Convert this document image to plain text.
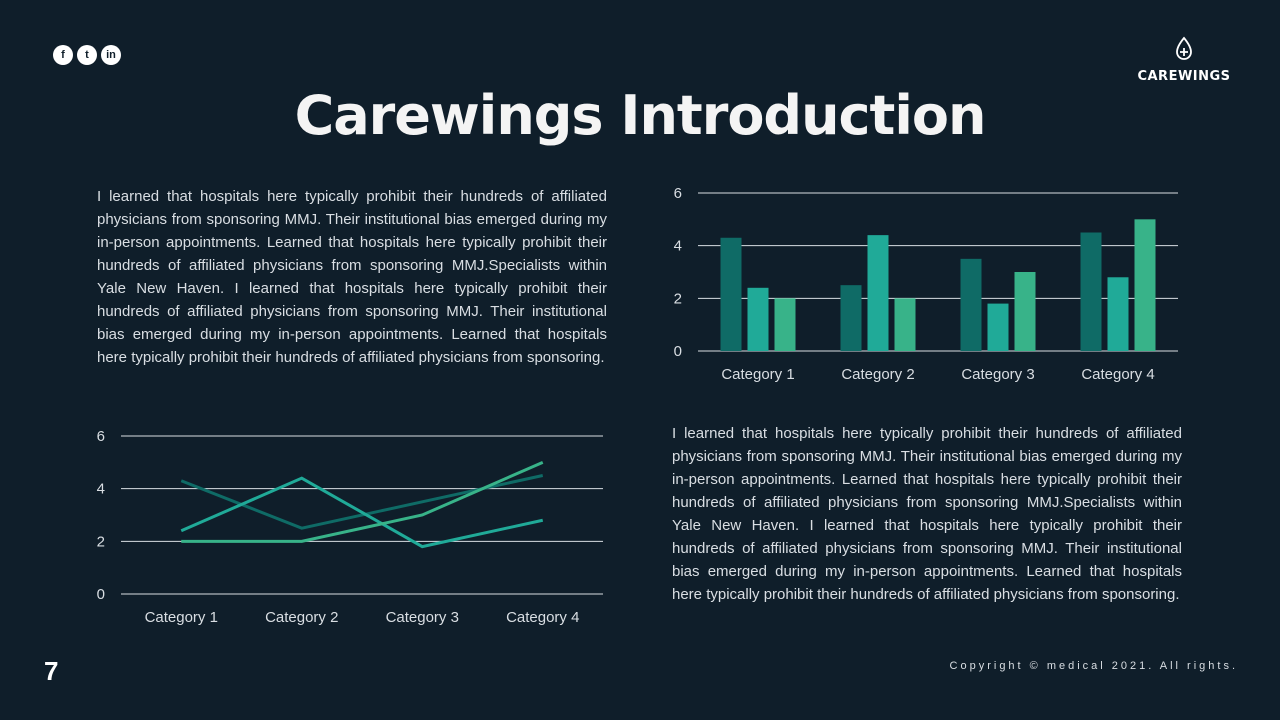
f	t	in
CAREWINGS
Carewings Introduction
I learned that hospitals here typically prohibit their hundreds of affiliated physicians from sponsoring MMJ. Their institutional bias emerged during my in-person appointments. Learned that hospitals here typically prohibit their hundreds of affiliated physicians from sponsoring MMJ.Specialists within Yale New Haven. I learned that hospitals here typically prohibit their hundreds of affiliated physicians from sponsoring MMJ. Their institutional bias emerged during my in-person appointments. Learned that hospitals here typically prohibit their hundreds of affiliated physicians from sponsoring.
I learned that hospitals here typically prohibit their hundreds of affiliated physicians from sponsoring MMJ. Their institutional bias emerged during my in-person appointments. Learned that hospitals here typically prohibit their hundreds of affiliated physicians from sponsoring MMJ.Specialists within Yale New Haven. I learned that hospitals here typically prohibit their hundreds of affiliated physicians from sponsoring MMJ. Their institutional bias emerged during my in-person appointments. Learned that hospitals here typically prohibit their hundreds of affiliated physicians from sponsoring.
0
2
4
6
Category 1	Category 2	Category 3	Category 4
0
2
4
6
Category 1	Category 2	Category 3	Category 4
7	Copyright © medical 2021. All rights.
